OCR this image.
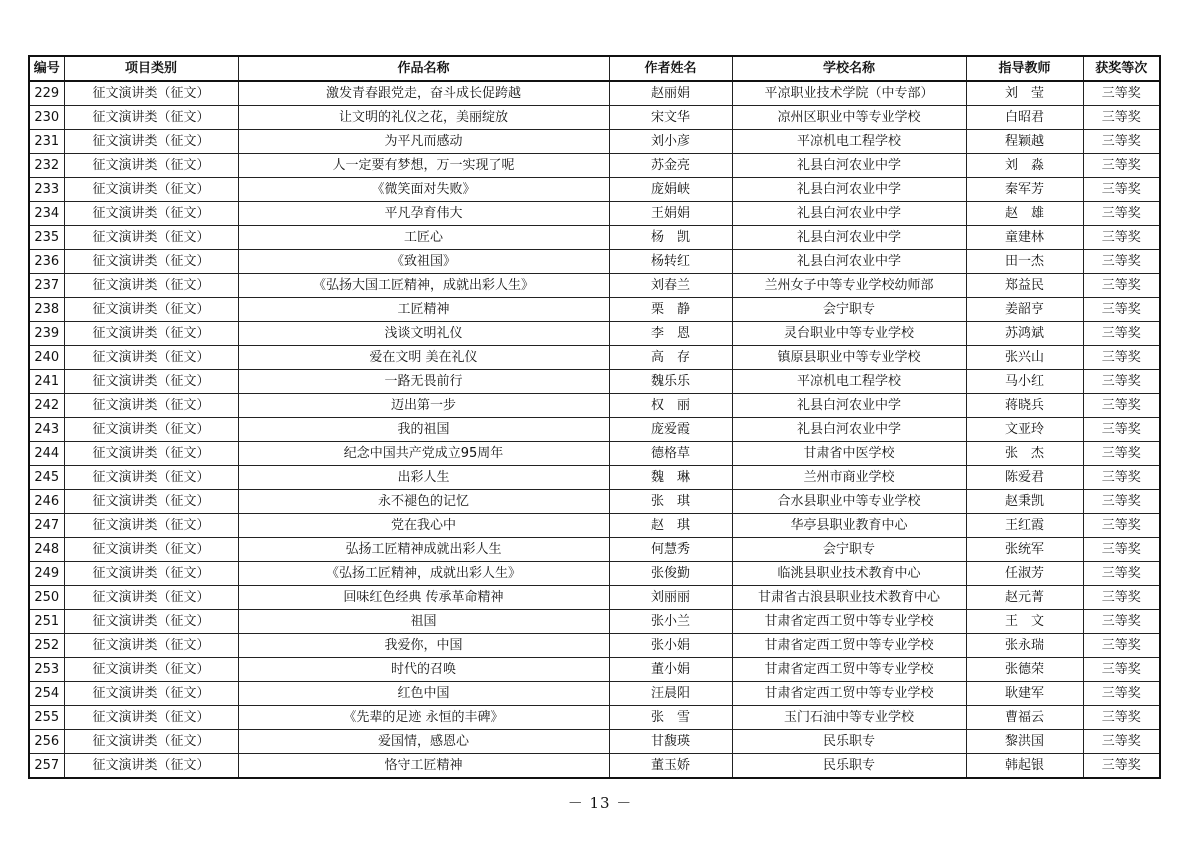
编号	项目类别	作品名称	作者姓名	学校名称	指导教师	获奖等次
229	征文演讲类（征文）	激发青春跟党走，奋斗成长促跨越	赵丽娟	平凉职业技术学院（中专部）	刘　莹	三等奖
230	征文演讲类（征文）	让文明的礼仪之花，美丽绽放	宋文华	凉州区职业中等专业学校	白昭君	三等奖
231	征文演讲类（征文）	为平凡而感动	刘小彦	平凉机电工程学校	程颖越	三等奖
232	征文演讲类（征文）	人一定要有梦想，万一实现了呢	苏金亮	礼县白河农业中学	刘　淼	三等奖
233	征文演讲类（征文）	《微笑面对失败》	庞娟峡	礼县白河农业中学	秦军芳	三等奖
234	征文演讲类（征文）	平凡孕育伟大	王娟娟	礼县白河农业中学	赵　雄	三等奖
235	征文演讲类（征文）	工匠心	杨　凯	礼县白河农业中学	童建林	三等奖
236	征文演讲类（征文）	《致祖国》	杨转红	礼县白河农业中学	田一杰	三等奖
237	征文演讲类（征文）	《弘扬大国工匠精神，成就出彩人生》	刘春兰	兰州女子中等专业学校幼师部	郑益民	三等奖
238	征文演讲类（征文）	工匠精神	栗　静	会宁职专	姜韶亨	三等奖
239	征文演讲类（征文）	浅谈文明礼仪	李　恩	灵台职业中等专业学校	苏鸿斌	三等奖
240	征文演讲类（征文）	爱在文明 美在礼仪	高　存	镇原县职业中等专业学校	张兴山	三等奖
241	征文演讲类（征文）	一路无畏前行	魏乐乐	平凉机电工程学校	马小红	三等奖
242	征文演讲类（征文）	迈出第一步	权　丽	礼县白河农业中学	蒋晓兵	三等奖
243	征文演讲类（征文）	我的祖国	庞爱霞	礼县白河农业中学	文亚玲	三等奖
244	征文演讲类（征文）	纪念中国共产党成立95周年	德格草	甘肃省中医学校	张　杰	三等奖
245	征文演讲类（征文）	出彩人生	魏　琳	兰州市商业学校	陈爱君	三等奖
246	征文演讲类（征文）	永不褪色的记忆	张　琪	合水县职业中等专业学校	赵秉凯	三等奖
247	征文演讲类（征文）	党在我心中	赵　琪	华亭县职业教育中心	王红霞	三等奖
248	征文演讲类（征文）	弘扬工匠精神成就出彩人生	何慧秀	会宁职专	张统军	三等奖
249	征文演讲类（征文）	《弘扬工匠精神，成就出彩人生》	张俊勤	临洮县职业技术教育中心	任淑芳	三等奖
250	征文演讲类（征文）	回味红色经典 传承革命精神	刘丽丽	甘肃省古浪县职业技术教育中心	赵元菁	三等奖
251	征文演讲类（征文）	祖国	张小兰	甘肃省定西工贸中等专业学校	王　文	三等奖
252	征文演讲类（征文）	我爱你，中国	张小娟	甘肃省定西工贸中等专业学校	张永瑞	三等奖
253	征文演讲类（征文）	时代的召唤	董小娟	甘肃省定西工贸中等专业学校	张德荣	三等奖
254	征文演讲类（征文）	红色中国	汪晨阳	甘肃省定西工贸中等专业学校	耿建军	三等奖
255	征文演讲类（征文）	《先辈的足迹 永恒的丰碑》	张　雪	玉门石油中等专业学校	曹福云	三等奖
256	征文演讲类（征文）	爱国情，感恩心	甘馥瑛	民乐职专	黎洪国	三等奖
257	征文演讲类（征文）	恪守工匠精神	董玉娇	民乐职专	韩起银	三等奖
－ 13 －
